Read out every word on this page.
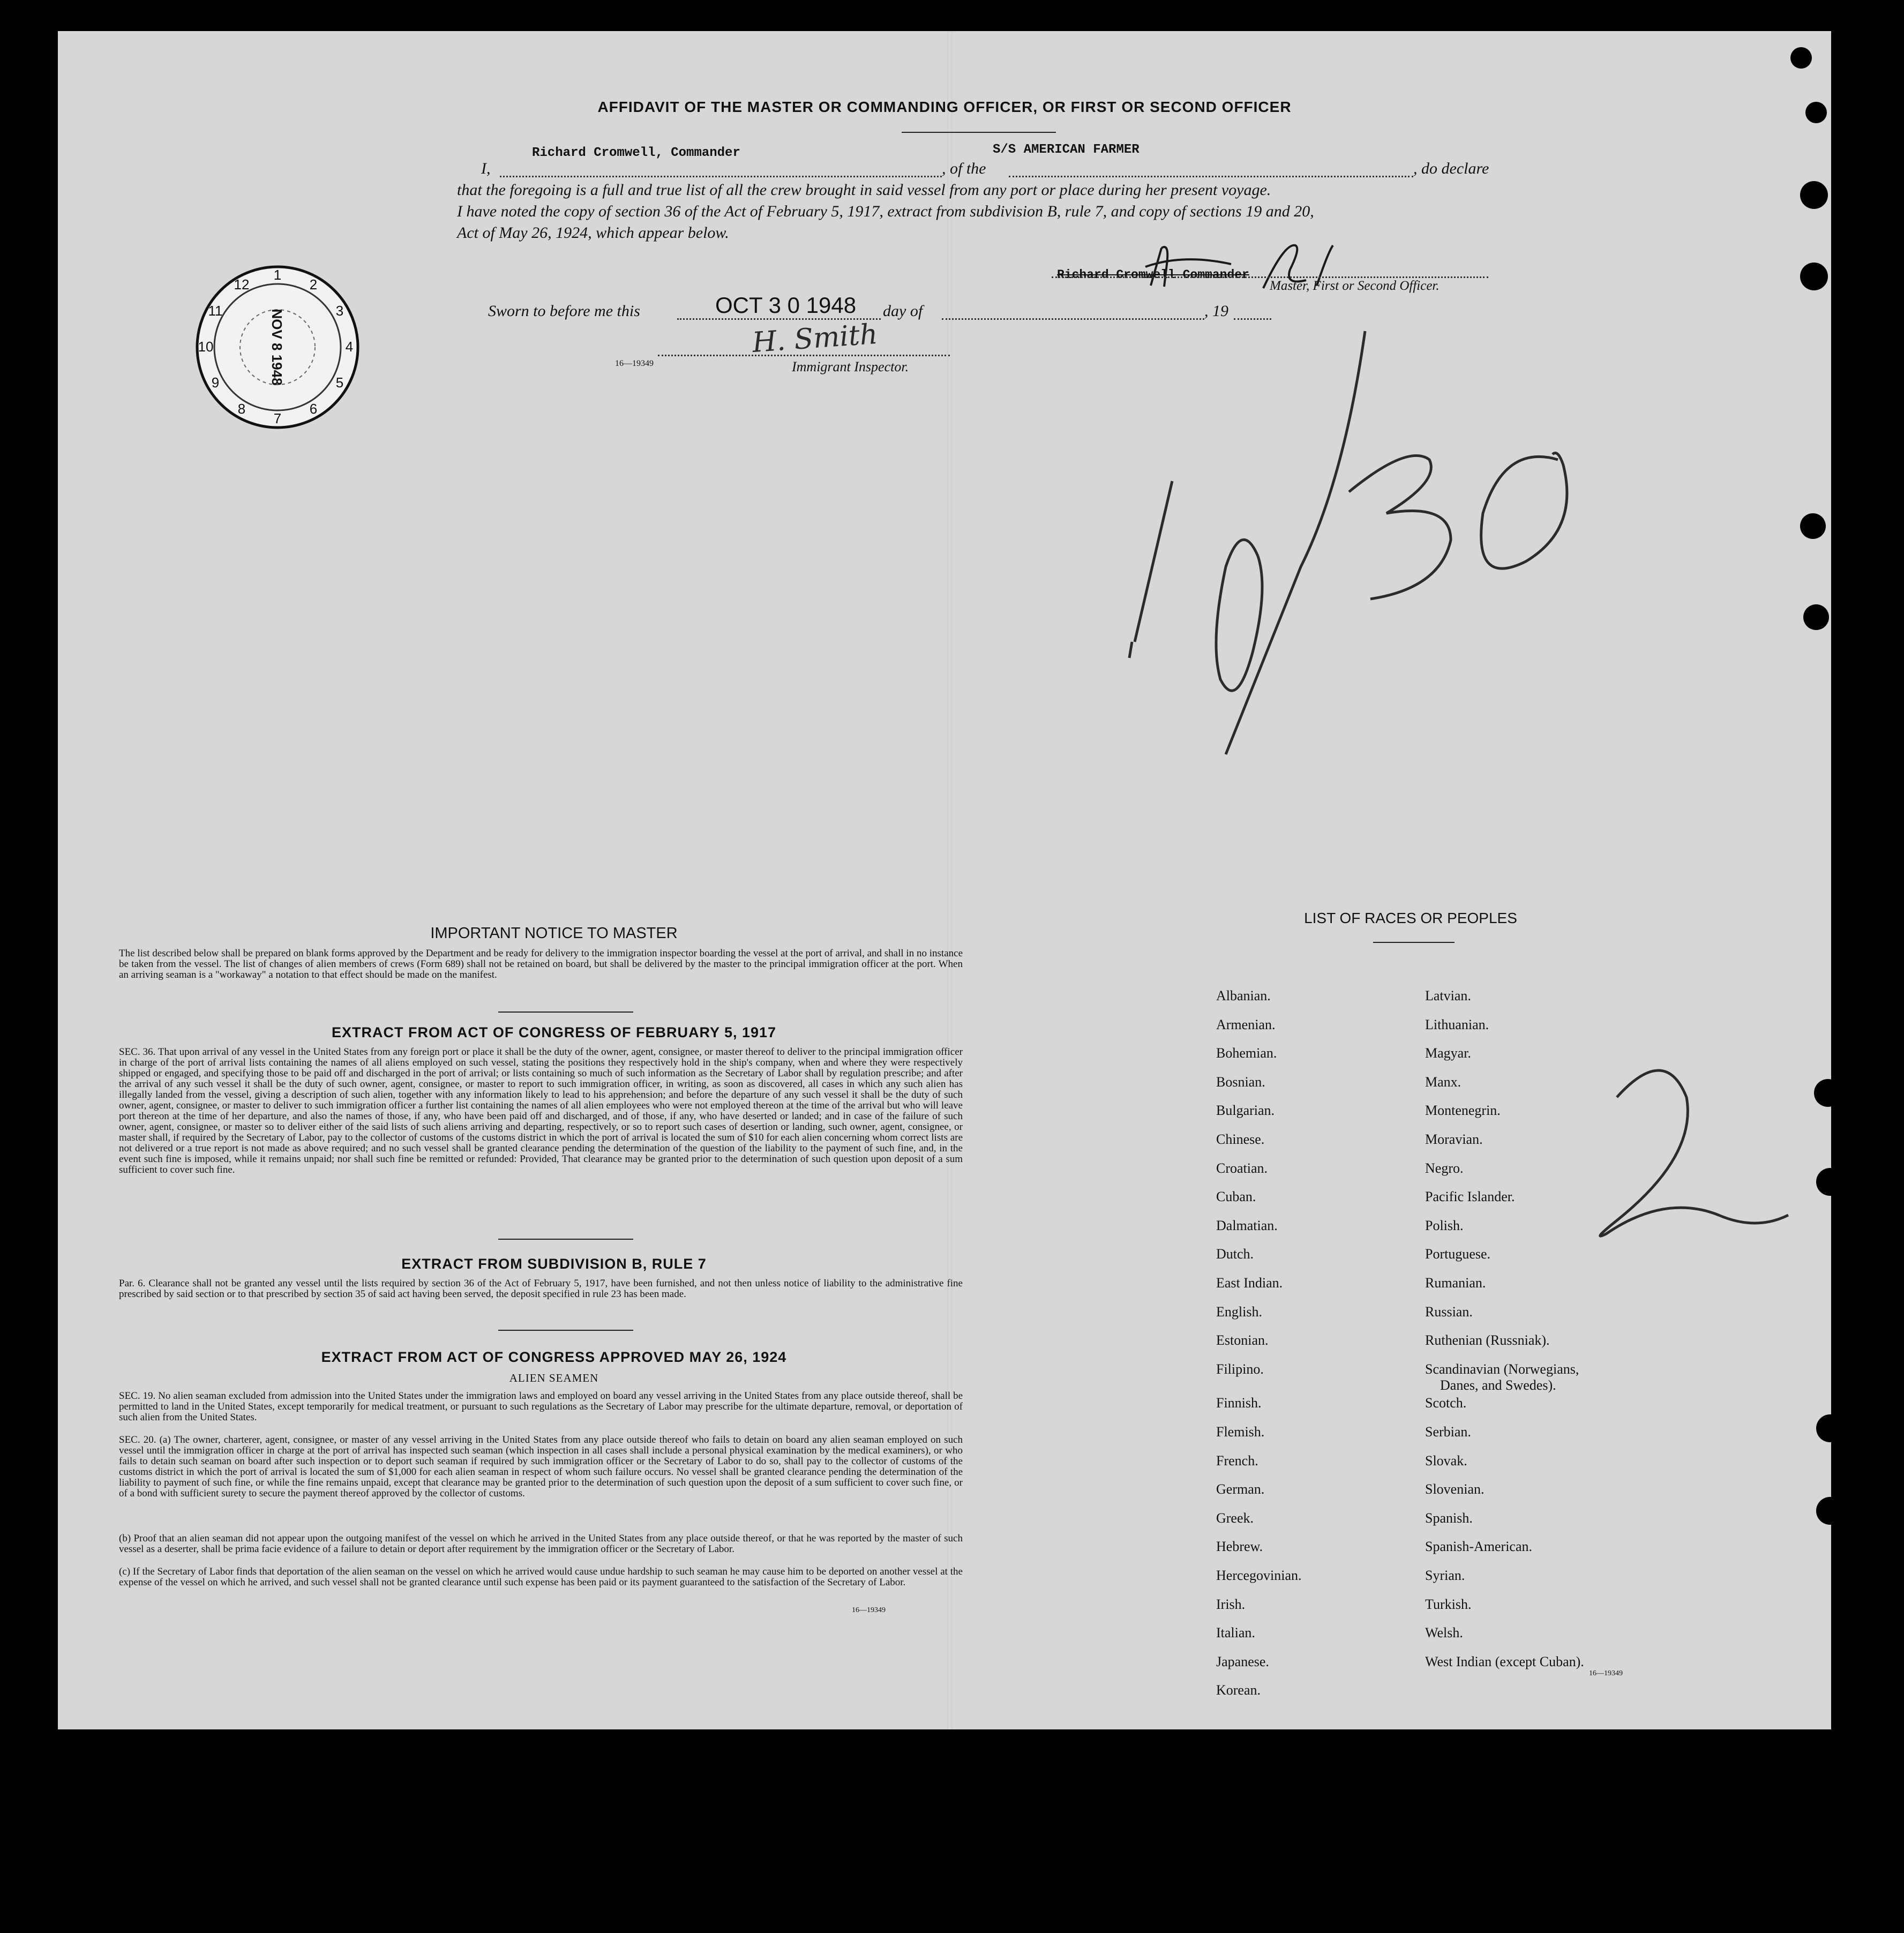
AFFIDAVIT OF THE MASTER OR COMMANDING OFFICER, OR FIRST OR SECOND OFFICER
Richard Cromwell, Commander	S/S AMERICAN FARMER
I,	, of the	, do declare
that the foregoing is a full and true list of all the crew brought in said vessel from any port or place during her present voyage.
I have noted the copy of section 36 of the Act of February 5, 1917, extract from subdivision B, rule 7, and copy of sections 19 and 20,
Act of May 26, 1924, which appear below.
Richard Cromwell Commander
Master, First or Second Officer.
Sworn to before me this	OCT 3 0 1948 day of	, 19
H. Smith
16—19349	Immigrant Inspector.
1
2
3
4
5
6
7
8
9
10
11
12
NOV 8 1948
IMPORTANT NOTICE TO MASTER
The list described below shall be prepared on blank forms approved by the Department and be ready for delivery to the immigration inspector boarding the vessel at the port of arrival, and shall in no instance be taken from the vessel. The list of changes of alien members of crews (Form 689) shall not be retained on board, but shall be delivered by the master to the principal immigration officer at the port. When an arriving seaman is a "workaway" a notation to that effect should be made on the manifest.
EXTRACT FROM ACT OF CONGRESS OF FEBRUARY 5, 1917
SEC. 36. That upon arrival of any vessel in the United States from any foreign port or place it shall be the duty of the owner, agent, consignee, or master thereof to deliver to the principal immigration officer in charge of the port of arrival lists containing the names of all aliens employed on such vessel, stating the positions they respectively hold in the ship's company, when and where they were respectively shipped or engaged, and specifying those to be paid off and discharged in the port of arrival; or lists containing so much of such information as the Secretary of Labor shall by regulation prescribe; and after the arrival of any such vessel it shall be the duty of such owner, agent, consignee, or master to report to such immigration officer, in writing, as soon as discovered, all cases in which any such alien has illegally landed from the vessel, giving a description of such alien, together with any information likely to lead to his apprehension; and before the departure of any such vessel it shall be the duty of such owner, agent, consignee, or master to deliver to such immigration officer a further list containing the names of all alien employees who were not employed thereon at the time of the arrival but who will leave port thereon at the time of her departure, and also the names of those, if any, who have been paid off and discharged, and of those, if any, who have deserted or landed; and in case of the failure of such owner, agent, consignee, or master so to deliver either of the said lists of such aliens arriving and departing, respectively, or so to report such cases of desertion or landing, such owner, agent, consignee, or master shall, if required by the Secretary of Labor, pay to the collector of customs of the customs district in which the port of arrival is located the sum of $10 for each alien concerning whom correct lists are not delivered or a true report is not made as above required; and no such vessel shall be granted clearance pending the determination of the question of the liability to the payment of such fine, and, in the event such fine is imposed, while it remains unpaid; nor shall such fine be remitted or refunded: Provided, That clearance may be granted prior to the determination of such question upon deposit of a sum sufficient to cover such fine.
EXTRACT FROM SUBDIVISION B, RULE 7
Par. 6. Clearance shall not be granted any vessel until the lists required by section 36 of the Act of February 5, 1917, have been furnished, and not then unless notice of liability to the administrative fine prescribed by said section or to that prescribed by section 35 of said act having been served, the deposit specified in rule 23 has been made.
EXTRACT FROM ACT OF CONGRESS APPROVED MAY 26, 1924
ALIEN SEAMEN
SEC. 19. No alien seaman excluded from admission into the United States under the immigration laws and employed on board any vessel arriving in the United States from any place outside thereof, shall be permitted to land in the United States, except temporarily for medical treatment, or pursuant to such regulations as the Secretary of Labor may prescribe for the ultimate departure, removal, or deportation of such alien from the United States.
SEC. 20. (a) The owner, charterer, agent, consignee, or master of any vessel arriving in the United States from any place outside thereof who fails to detain on board any alien seaman employed on such vessel until the immigration officer in charge at the port of arrival has inspected such seaman (which inspection in all cases shall include a personal physical examination by the medical examiners), or who fails to detain such seaman on board after such inspection or to deport such seaman if required by such immigration officer or the Secretary of Labor to do so, shall pay to the collector of customs of the customs district in which the port of arrival is located the sum of $1,000 for each alien seaman in respect of whom such failure occurs. No vessel shall be granted clearance pending the determination of the liability to payment of such fine, or while the fine remains unpaid, except that clearance may be granted prior to the determination of such question upon the deposit of a sum sufficient to cover such fine, or of a bond with sufficient surety to secure the payment thereof approved by the collector of customs.
(b) Proof that an alien seaman did not appear upon the outgoing manifest of the vessel on which he arrived in the United States from any place outside thereof, or that he was reported by the master of such vessel as a deserter, shall be prima facie evidence of a failure to detain or deport after requirement by the immigration officer or the Secretary of Labor.
(c) If the Secretary of Labor finds that deportation of the alien seaman on the vessel on which he arrived would cause undue hardship to such seaman he may cause him to be deported on another vessel at the expense of the vessel on which he arrived, and such vessel shall not be granted clearance until such expense has been paid or its payment guaranteed to the satisfaction of the Secretary of Labor.
16—19349
LIST OF RACES OR PEOPLES
16—19349
Albanian.
Armenian.
Bohemian.
Bosnian.
Bulgarian.
Chinese.
Croatian.
Cuban.
Dalmatian.
Dutch.
East Indian.
English.
Estonian.
Filipino.
Finnish.
Flemish.
French.
German.
Greek.
Hebrew.
Hercegovinian.
Irish.
Italian.
Japanese.
Korean.
Latvian.
Lithuanian.
Magyar.
Manx.
Montenegrin.
Moravian.
Negro.
Pacific Islander.
Polish.
Portuguese.
Rumanian.
Russian.
Ruthenian (Russniak).
Scandinavian (Norwegians,
Danes, and Swedes).
Scotch.
Serbian.
Slovak.
Slovenian.
Spanish.
Spanish-American.
Syrian.
Turkish.
Welsh.
West Indian (except Cuban).
